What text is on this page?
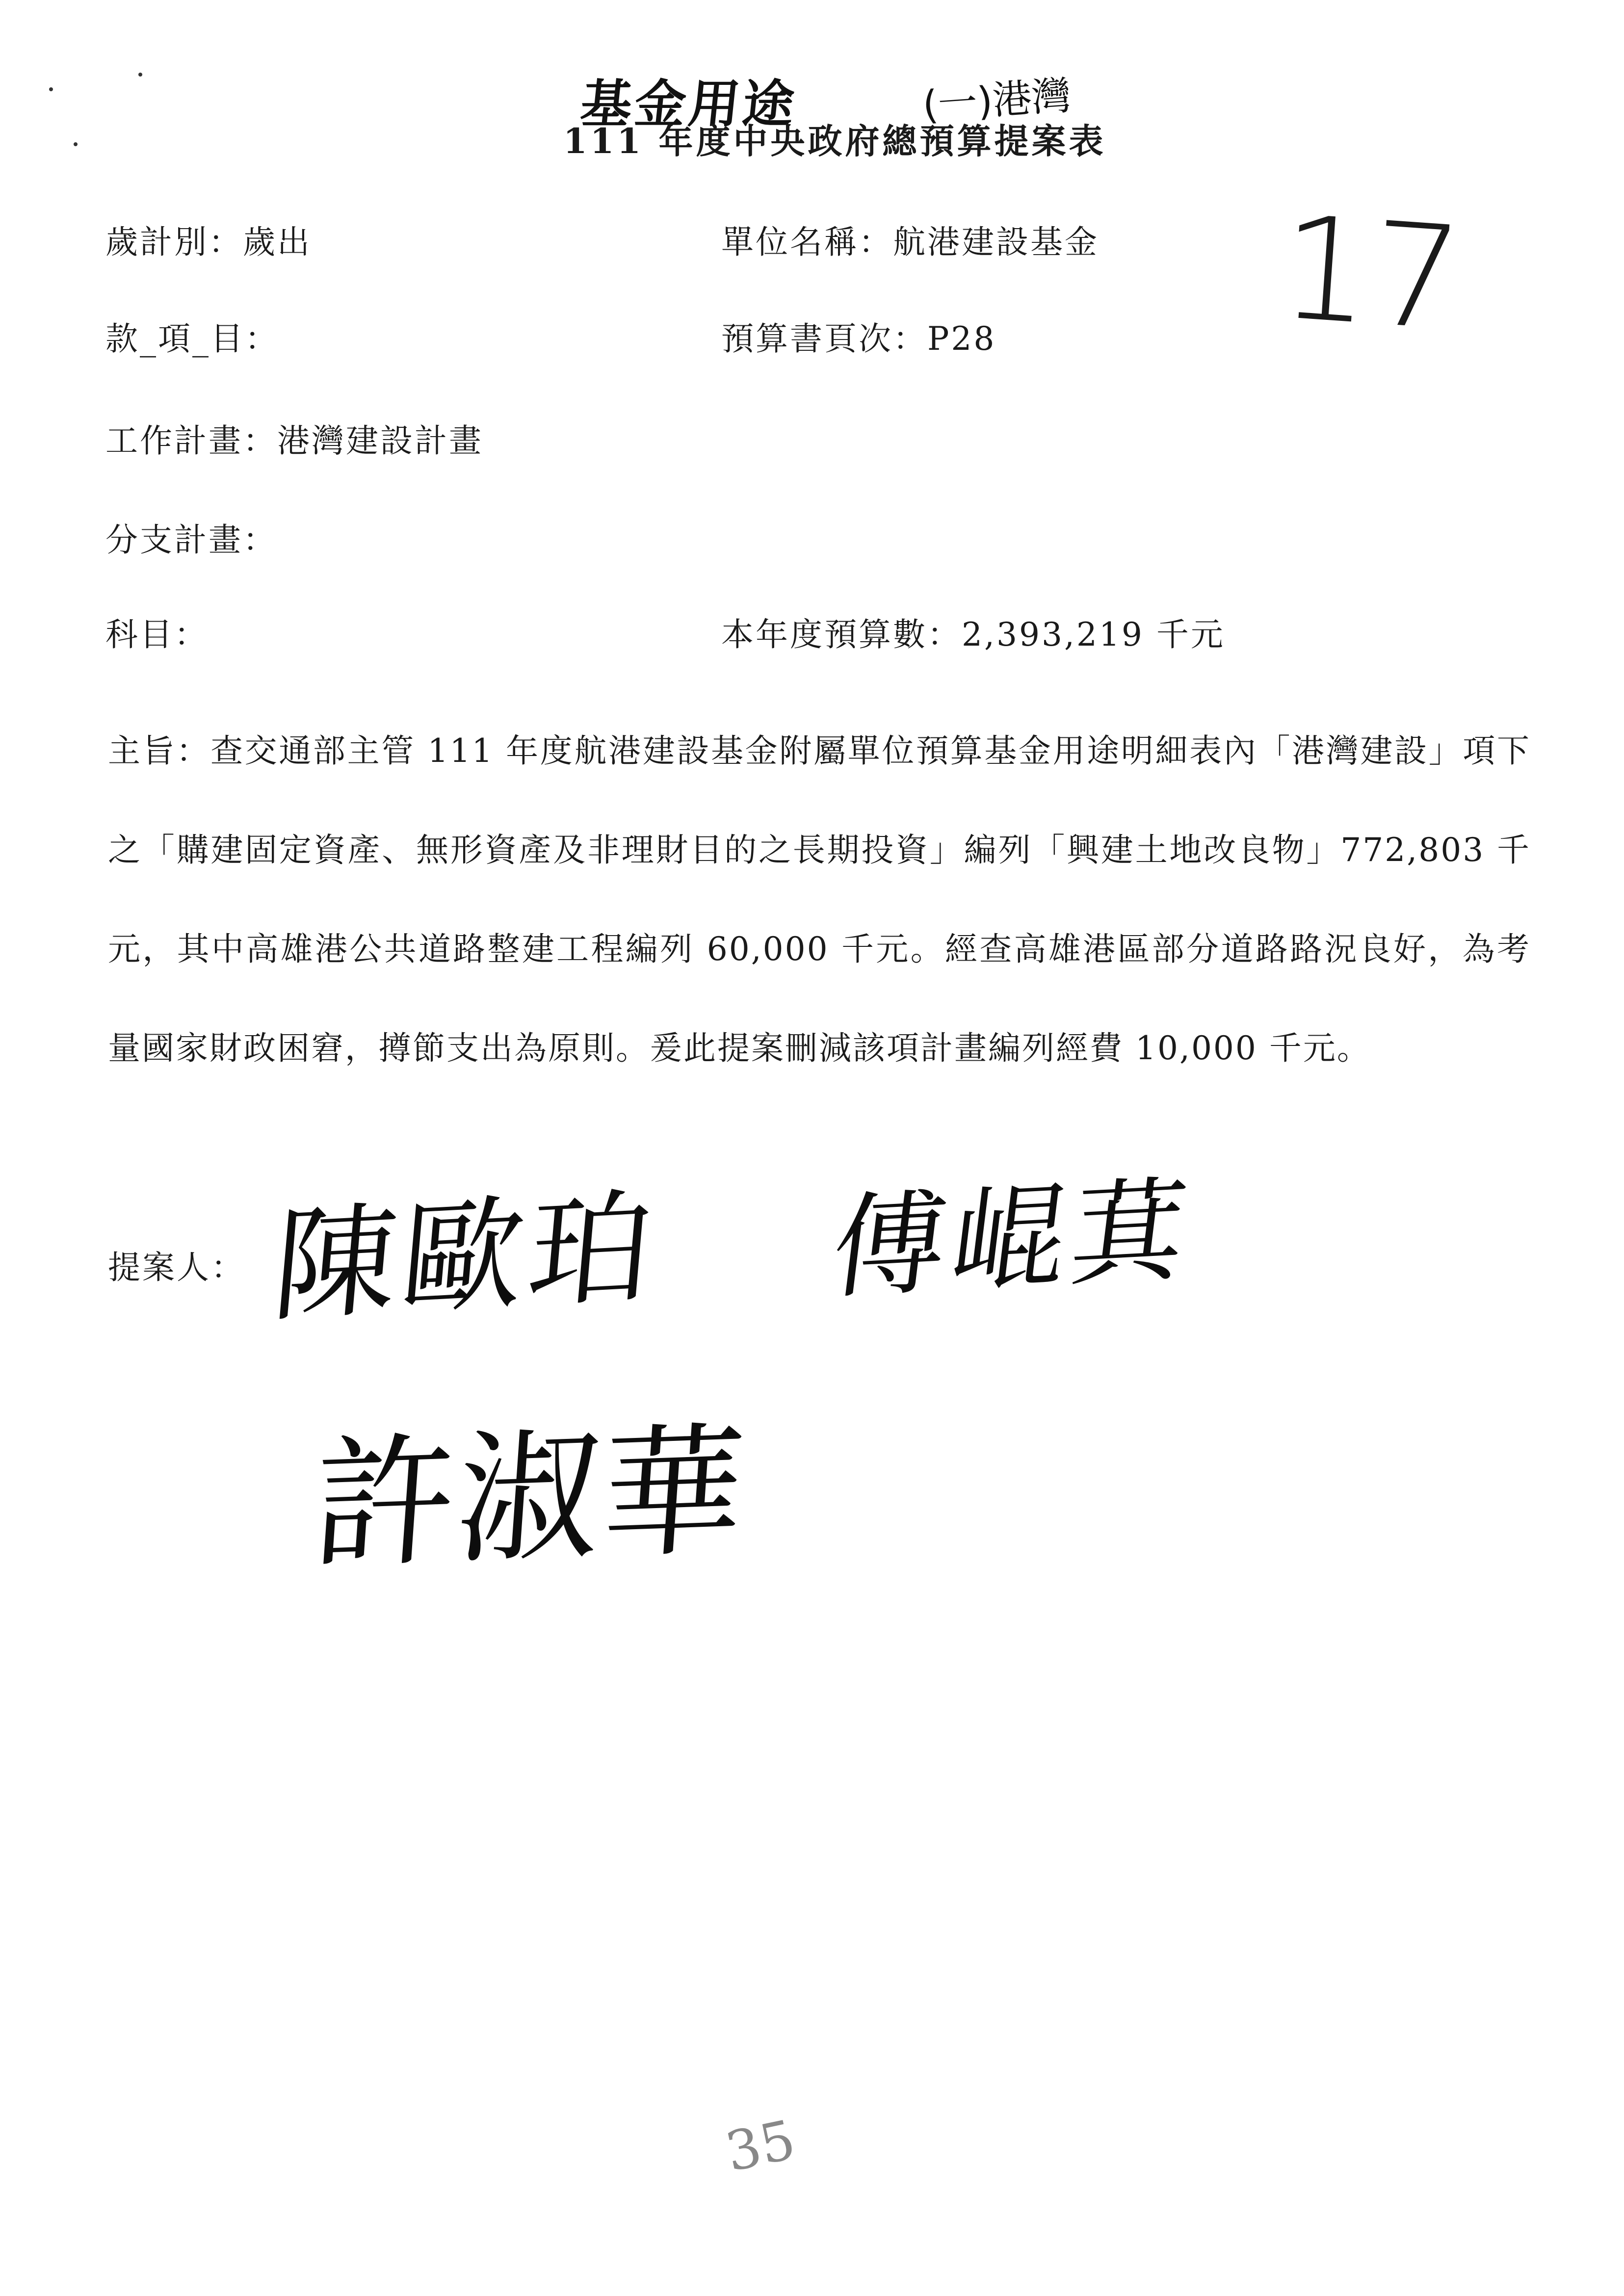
基金用途	(一)港灣
17
111 年度中央政府總預算提案表
歲計別：歲出	單位名稱：航港建設基金
款_項_目：	預算書頁次：P28
工作計畫：港灣建設計畫
分支計畫：
科目：	本年度預算數：2,393,219 千元
主旨：查交通部主管 111 年度航港建設基金附屬單位預算基金用途明細表內「港灣建設」項下之「購建固定資產、無形資產及非理財目的之長期投資」編列「興建土地改良物」772,803 千元，其中高雄港公共道路整建工程編列 60,000 千元。經查高雄港區部分道路路況良好，為考量國家財政困窘，撙節支出為原則。爰此提案刪減該項計畫編列經費 10,000 千元。
提案人： 陳歐珀 傅崐萁
許淑華
35
